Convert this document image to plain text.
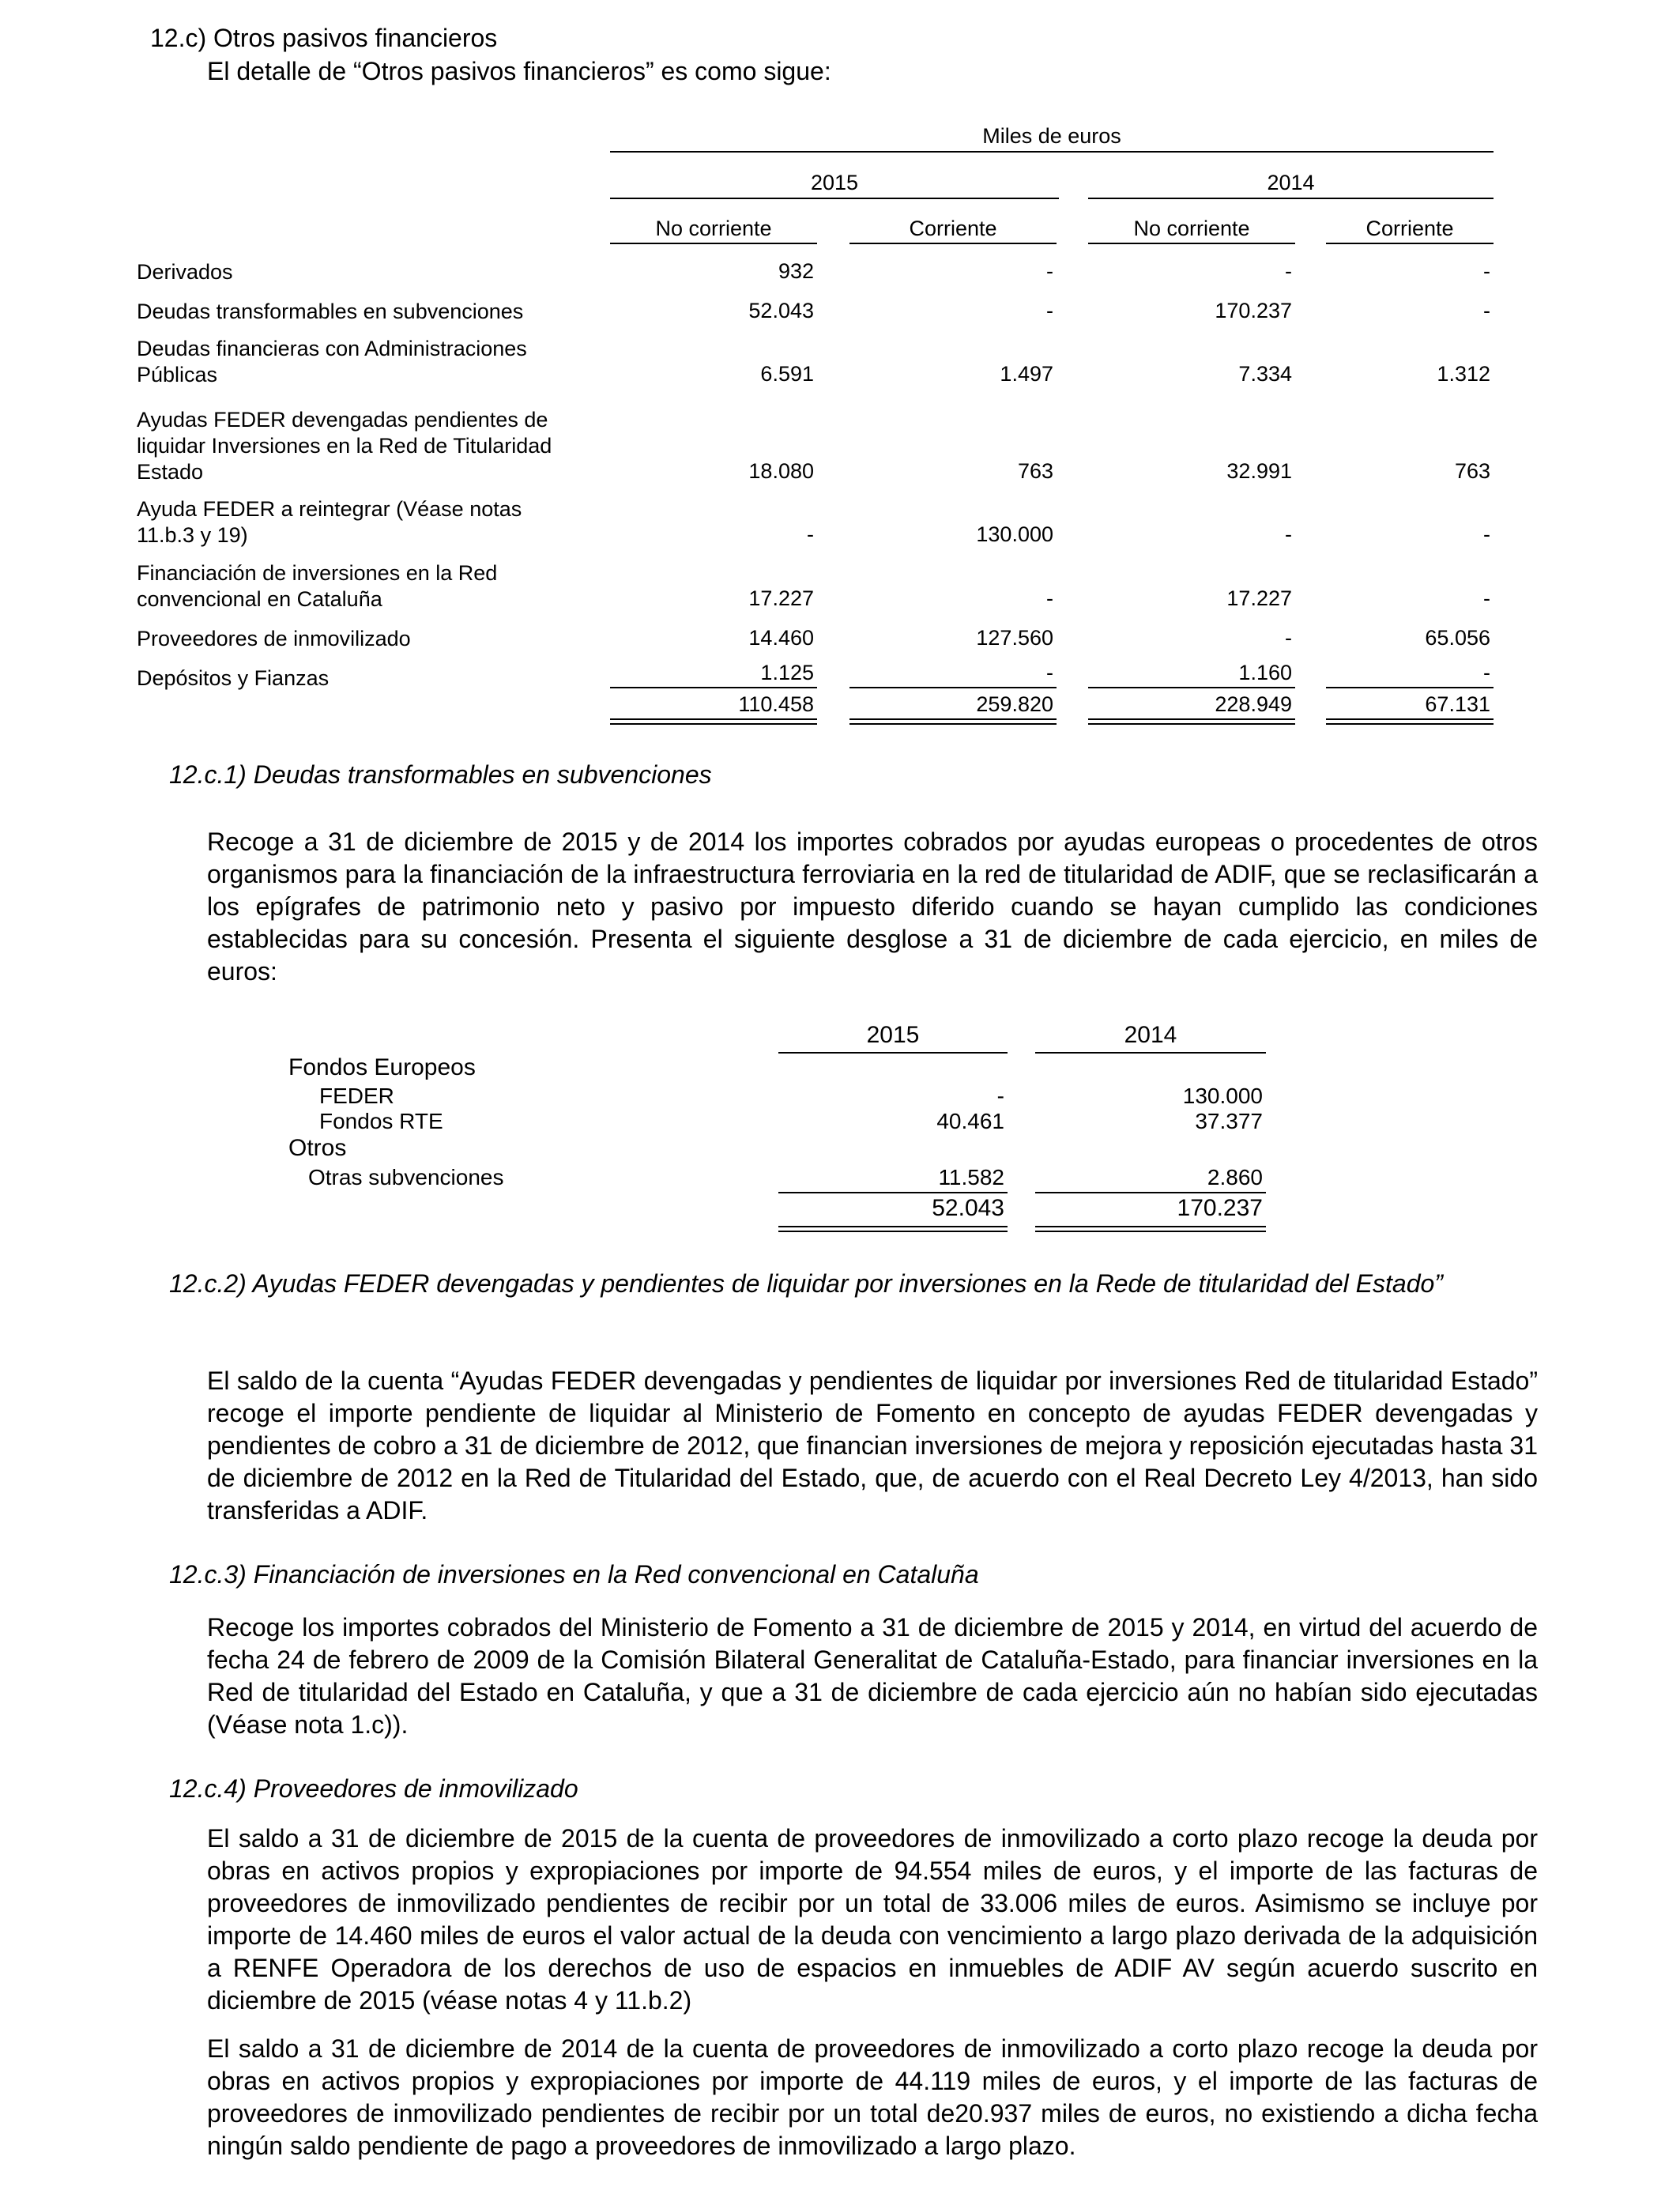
12.c) Otros pasivos financieros
El detalle de “Otros pasivos financieros” es como sigue:
Miles de euros
2015	2014
No corriente	Corriente	No corriente	Corriente
Derivados	932	-	-	-
Deudas transformables en subvenciones	52.043	-	170.237	-
Deudas financieras con Administraciones Públicas	6.591	1.497	7.334	1.312
Ayudas FEDER devengadas pendientes de liquidar Inversiones en la Red de Titularidad Estado	18.080	763	32.991	763
Ayuda FEDER a reintegrar (Véase notas 11.b.3 y 19)	-	130.000	-	-
Financiación de inversiones en la Red convencional en Cataluña	17.227	-	17.227	-
Proveedores de inmovilizado	14.460	127.560	-	65.056
Depósitos y Fianzas	1.125	-	1.160	-
110.458	259.820	228.949	67.131
12.c.1) Deudas transformables en subvenciones
Recoge a 31 de diciembre de 2015 y de 2014 los importes cobrados por ayudas europeas o procedentes de otros organismos para la financiación de la infraestructura ferroviaria en la red de titularidad de ADIF, que se reclasificarán a los epígrafes de patrimonio neto y pasivo por impuesto diferido cuando se hayan cumplido las condiciones establecidas para su concesión. Presenta el siguiente desglose a 31 de diciembre de cada ejercicio, en miles de euros:
2015	2014
Fondos Europeos
FEDER	-	130.000
Fondos RTE	40.461	37.377
Otros
Otras subvenciones	11.582	2.860
52.043	170.237
12.c.2) Ayudas FEDER devengadas y pendientes de liquidar por inversiones en la Rede de titularidad del Estado”
El saldo de la cuenta “Ayudas FEDER devengadas y pendientes de liquidar por inversiones Red de titularidad Estado” recoge el importe pendiente de liquidar al Ministerio de Fomento en concepto de ayudas FEDER devengadas y pendientes de cobro a 31 de diciembre de 2012, que financian inversiones de mejora y reposición ejecutadas hasta 31 de diciembre de 2012 en la Red de Titularidad del Estado, que, de acuerdo con el Real Decreto Ley 4/2013, han sido transferidas a ADIF.
12.c.3) Financiación de inversiones en la Red convencional en Cataluña
Recoge los importes cobrados del Ministerio de Fomento a 31 de diciembre de 2015 y 2014, en virtud del acuerdo de fecha 24 de febrero de 2009 de la Comisión Bilateral Generalitat de Cataluña-Estado, para financiar inversiones en la Red de titularidad del Estado en Cataluña, y que a 31 de diciembre de cada ejercicio aún no habían sido ejecutadas (Véase nota 1.c)).
12.c.4) Proveedores de inmovilizado
El saldo a 31 de diciembre de 2015 de la cuenta de proveedores de inmovilizado a corto plazo recoge la deuda por obras en activos propios y expropiaciones por importe de 94.554 miles de euros, y el importe de las facturas de proveedores de inmovilizado pendientes de recibir por un total de 33.006 miles de euros. Asimismo se incluye por importe de 14.460 miles de euros el valor actual de la deuda con vencimiento a largo plazo derivada de la adquisición a RENFE Operadora de los derechos de uso de espacios en inmuebles de ADIF AV según acuerdo suscrito en diciembre de 2015 (véase notas 4 y 11.b.2)
El saldo a 31 de diciembre de 2014 de la cuenta de proveedores de inmovilizado a corto plazo recoge la deuda por obras en activos propios y expropiaciones por importe de 44.119 miles de euros, y el importe de las facturas de proveedores de inmovilizado pendientes de recibir por un total de20.937 miles de euros, no existiendo a dicha fecha ningún saldo pendiente de pago a proveedores de inmovilizado a largo plazo.
